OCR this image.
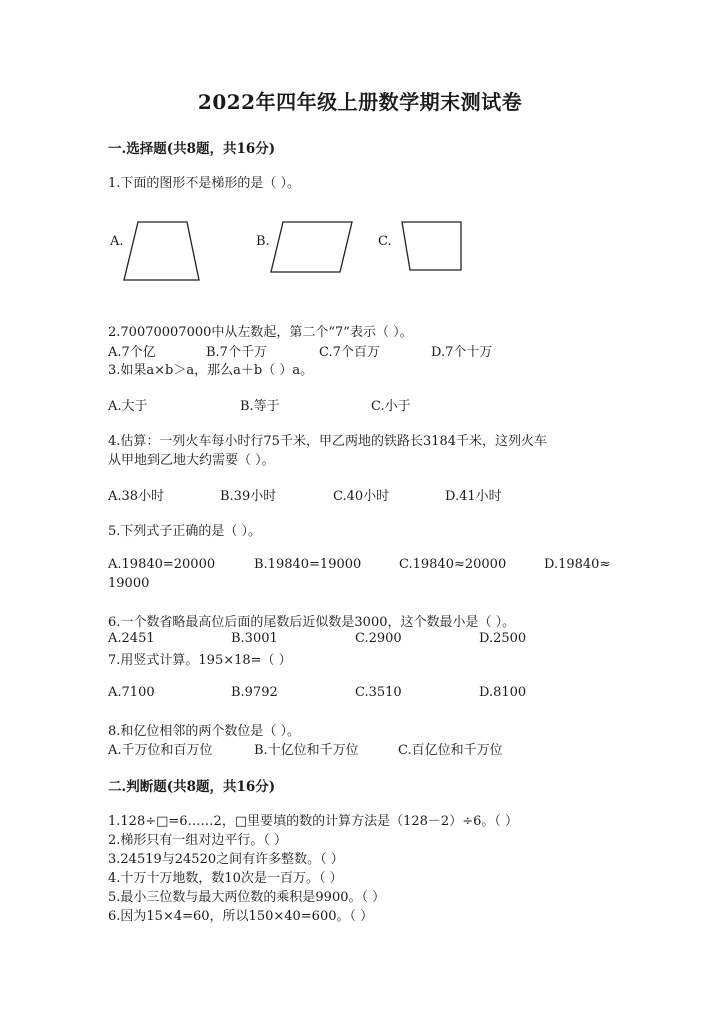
2022年四年级上册数学期末测试卷
一.选择题(共8题，共16分)
1.下面的图形不是梯形的是（ ）。
A.	B.	C.
2.70070007000中从左数起，第二个“7”表示（ ）。
A.7个亿	B.7个千万	C.7个百万	D.7个十万
3.如果a×b＞a，那么a＋b（ ）a。
A.大于	B.等于	C.小于
4.估算：一列火车每小时行75千米，甲乙两地的铁路长3184千米，这列火车
从甲地到乙地大约需要（ ）。
A.38小时	B.39小时	C.40小时	D.41小时
5.下列式子正确的是（ ）。
A.19840=20000	B.19840=19000	C.19840≈20000	D.19840≈
19000
6.一个数省略最高位后面的尾数后近似数是3000，这个数最小是（ ）。
A.2451	B.3001	C.2900	D.2500
7.用竖式计算。195×18=（ ）
A.7100	B.9792	C.3510	D.8100
8.和亿位相邻的两个数位是（ ）。
A.千万位和百万位	B.十亿位和千万位	C.百亿位和千万位
二.判断题(共8题，共16分)
1.128÷□=6……2，□里要填的数的计算方法是（128－2）÷6。（ ）
2.梯形只有一组对边平行。（ ）
3.24519与24520之间有许多整数。（ ）
4.十万十万地数，数10次是一百万。（ ）
5.最小三位数与最大两位数的乘积是9900。（ ）
6.因为15×4=60，所以150×40=600。（ ）
